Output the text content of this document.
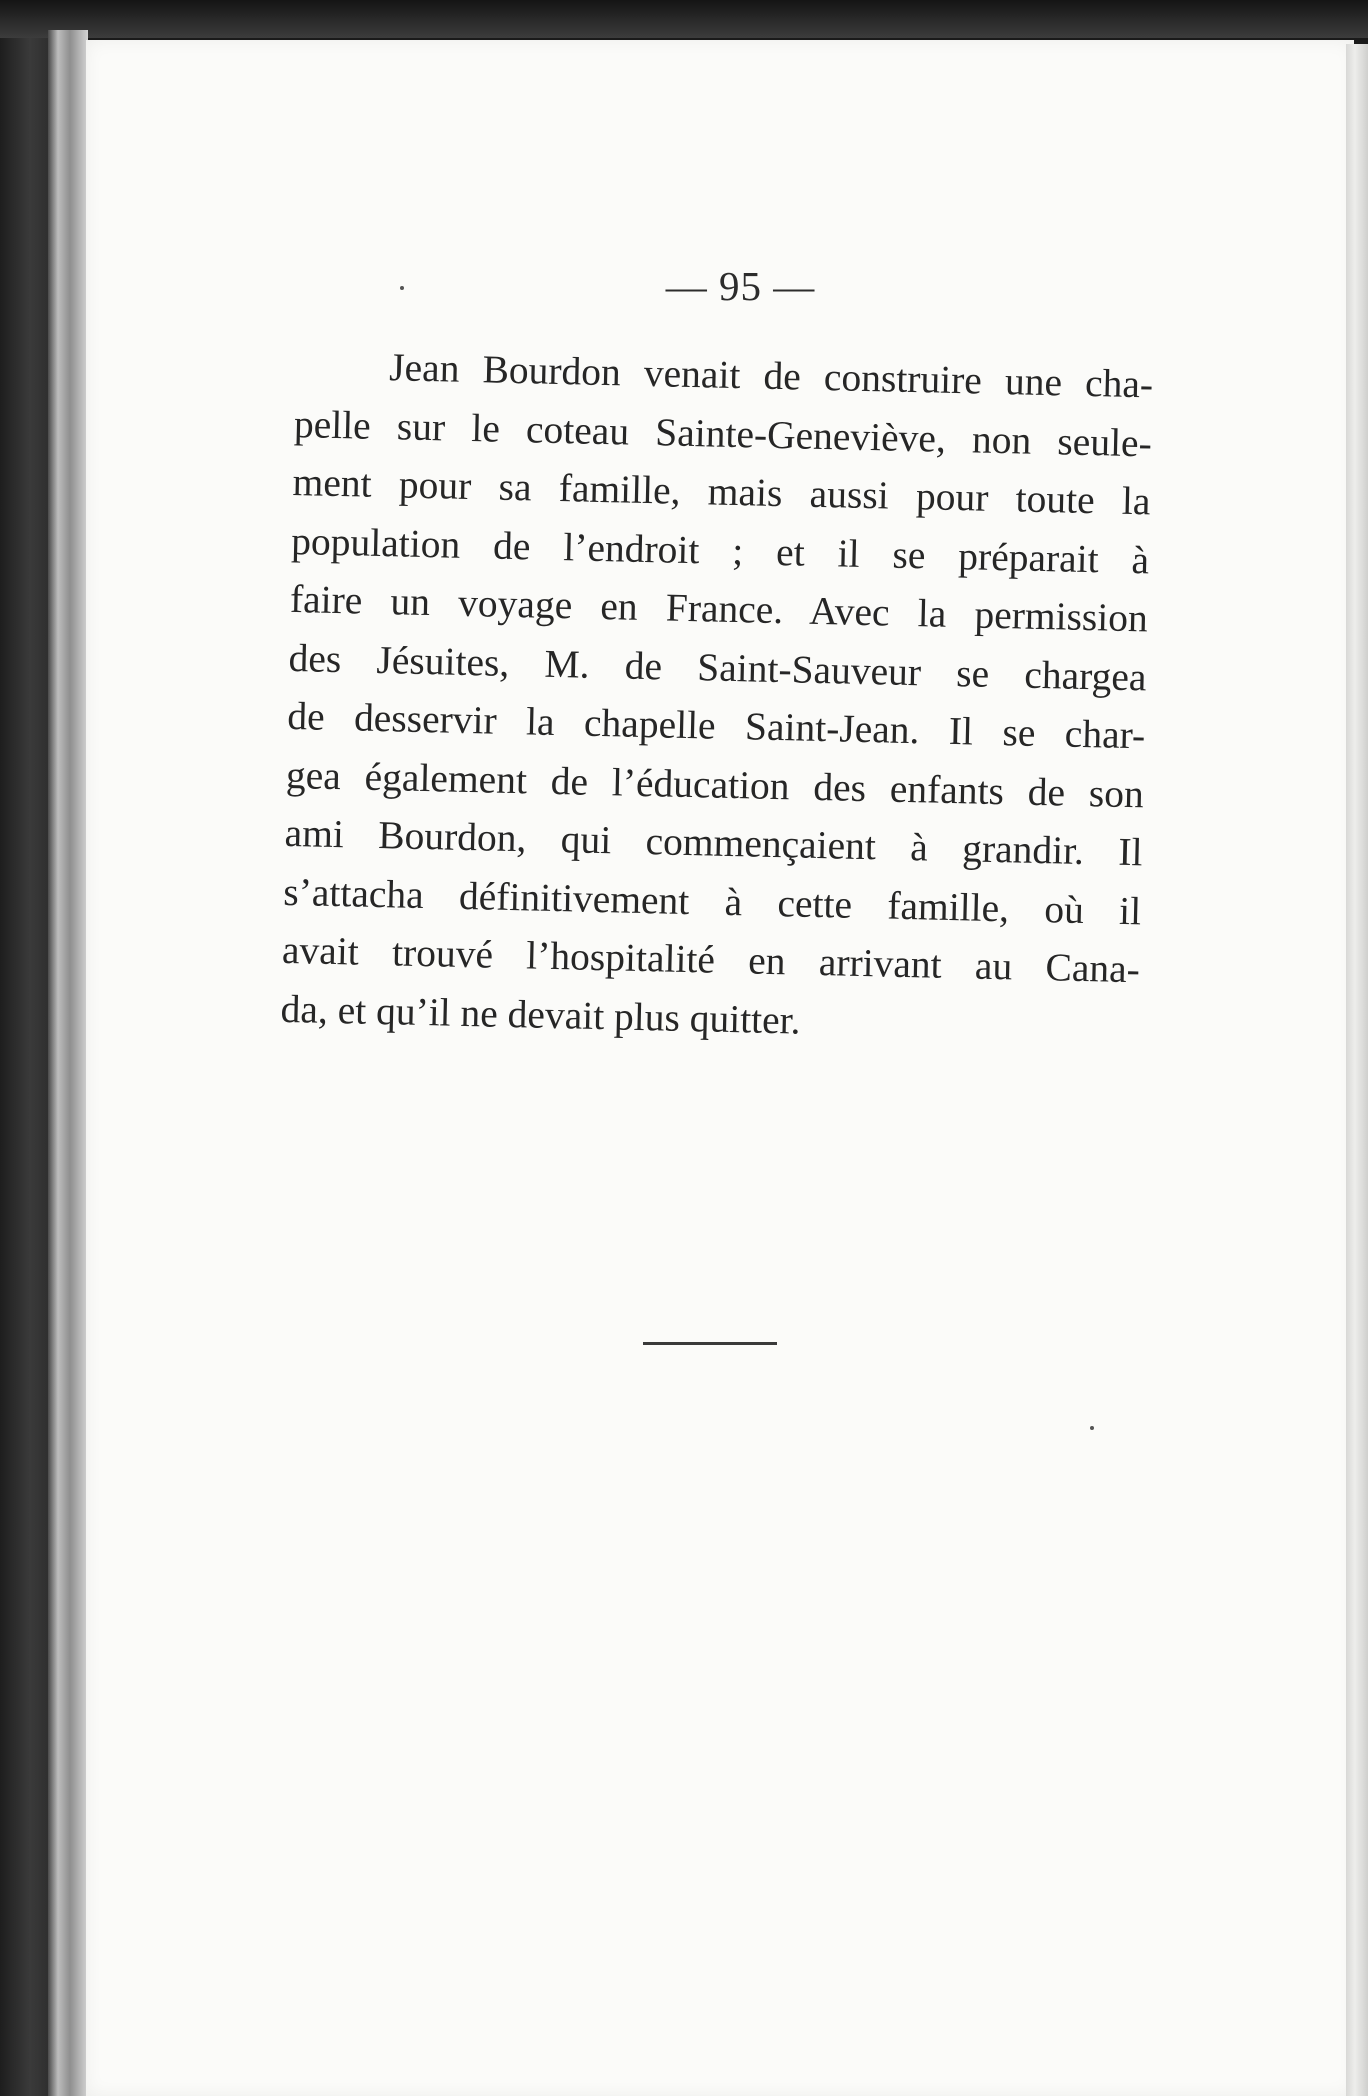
— 95 —
Jean Bourdon venait de construire une cha-
pelle sur le coteau Sainte-Geneviève, non seule-
ment pour sa famille, mais aussi pour toute la
population de l’endroit ; et il se préparait à
faire un voyage en France. Avec la permission
des Jésuites, M. de Saint-Sauveur se chargea
de desservir la chapelle Saint-Jean. Il se char-
gea également de l’éducation des enfants de son
ami Bourdon, qui commençaient à grandir. Il
s’attacha définitivement à cette famille, où il
avait trouvé l’hospitalité en arrivant au Cana-
da, et qu’il ne devait plus quitter.
